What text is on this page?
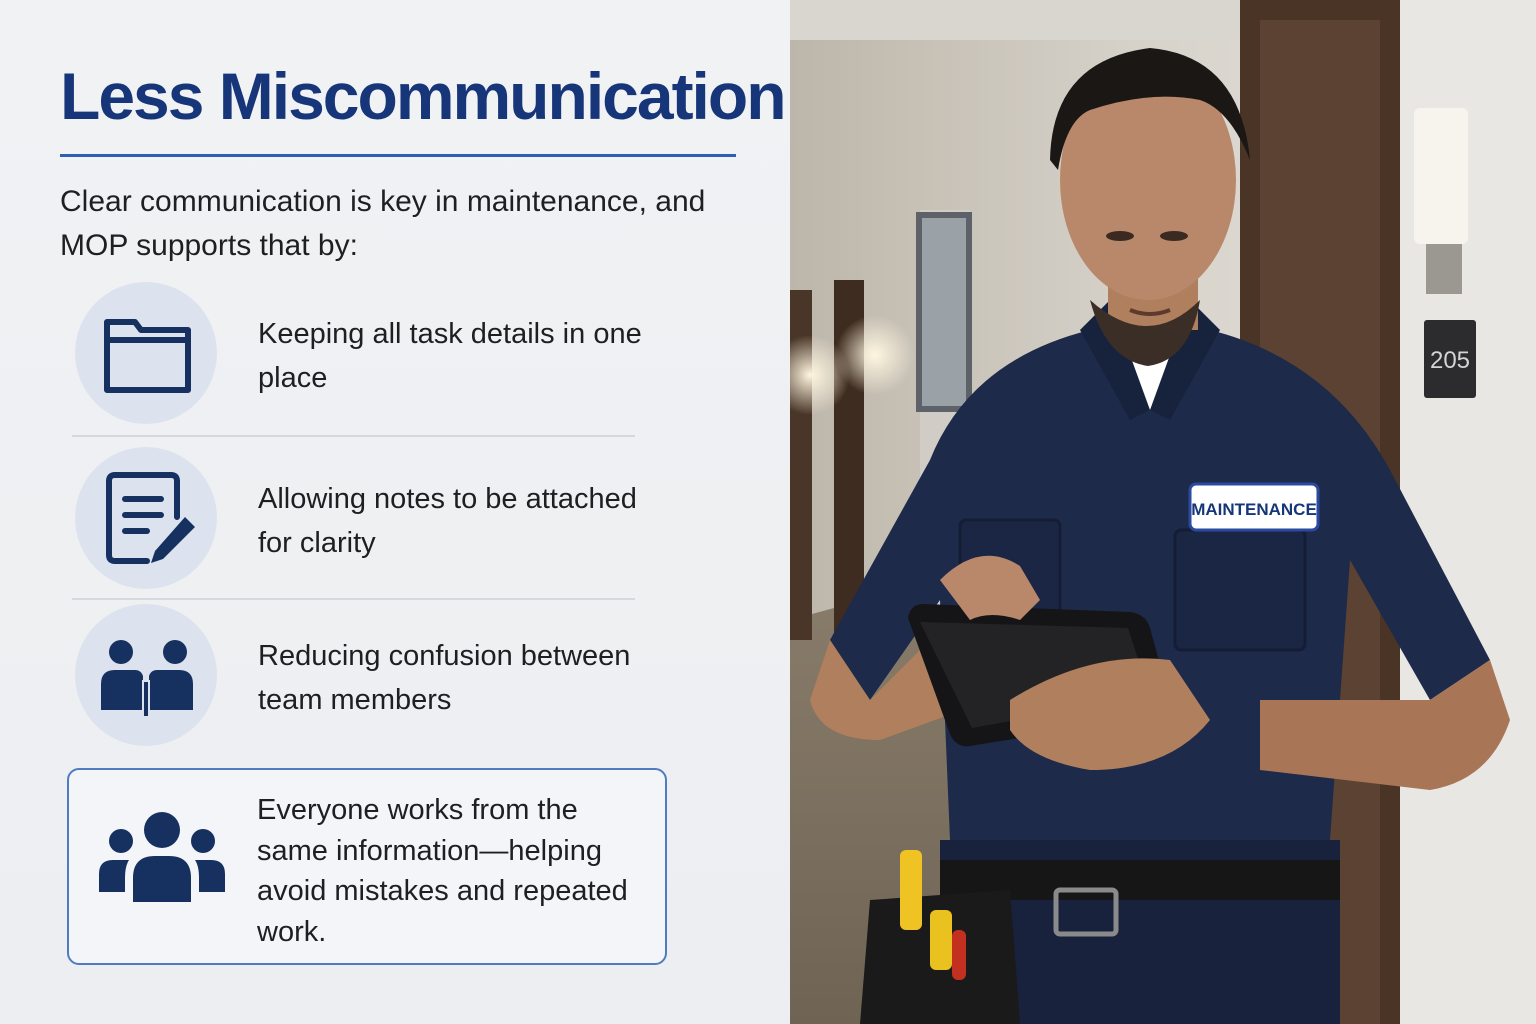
Less Miscommunication
Clear communication is key in maintenance, and MOP supports that by:
Keeping all task details in one place
Allowing notes to be attached for clarity
Reducing confusion between team members
Everyone works from the same information—helping avoid mistakes and repeated work.
205
MAINTENANCE
